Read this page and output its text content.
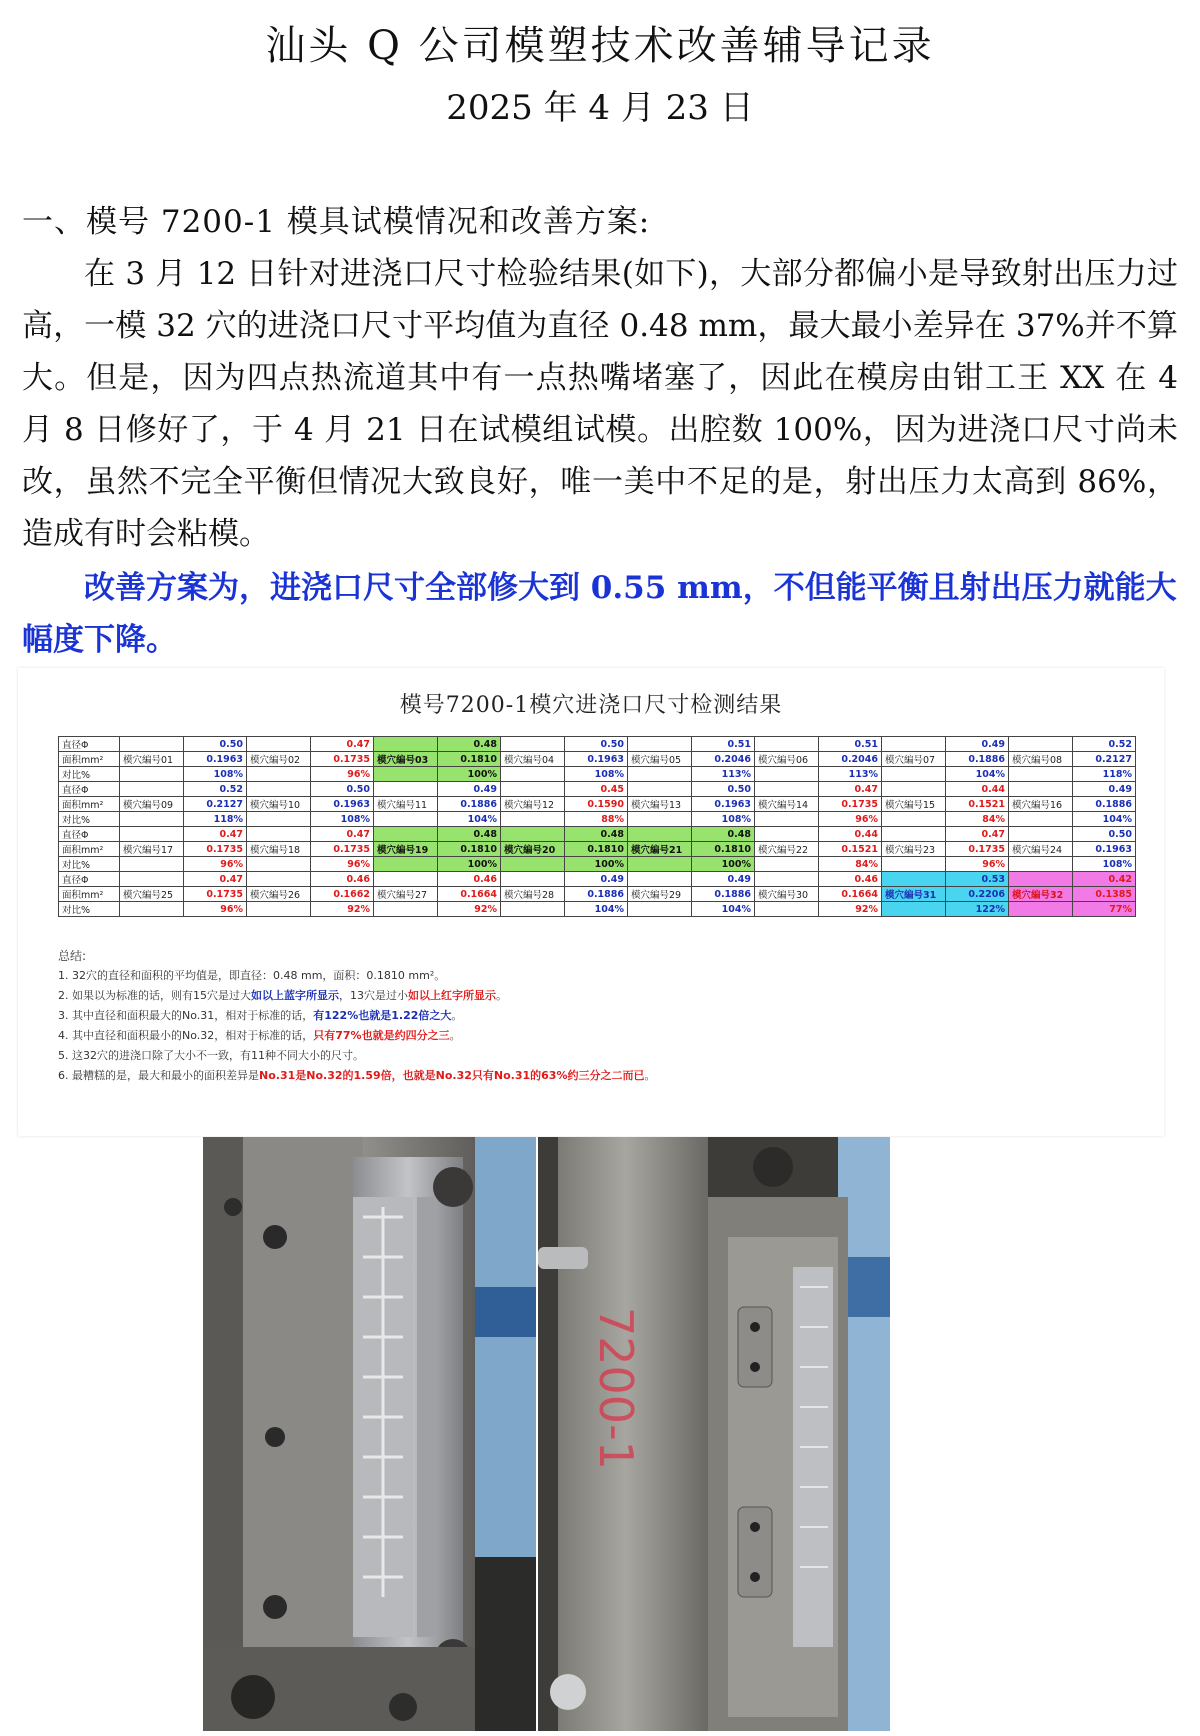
汕头 Q 公司模塑技术改善辅导记录
2025 年 4 月 23 日
一、模号 7200-1 模具试模情况和改善方案:
在 3 月 12 日针对进浇口尺寸检验结果(如下)，大部分都偏小是导致射出压力过高，一模 32 穴的进浇口尺寸平均值为直径 0.48 mm，最大最小差异在 37%并不算大。但是，因为四点热流道其中有一点热嘴堵塞了，因此在模房由钳工王 XX 在 4 月 8 日修好了，于 4 月 21 日在试模组试模。出腔数 100%，因为进浇口尺寸尚未改，虽然不完全平衡但情况大致良好，唯一美中不足的是，射出压力太高到 86%，造成有时会粘模。
改善方案为，进浇口尺寸全部修大到 0.55 mm，不但能平衡且射出压力就能大幅度下降。
模号7200-1模穴进浇口尺寸检测结果
直径Φ		0.50		0.47		0.48		0.50		0.51		0.51		0.49		0.52
面积mm²	模穴編号01	0.1963	模穴編号02	0.1735	模穴編号03	0.1810	模穴編号04	0.1963	模穴編号05	0.2046	模穴編号06	0.2046	模穴編号07	0.1886	模穴編号08	0.2127
对比%		108%		96%		100%		108%		113%		113%		104%		118%
直径Φ		0.52		0.50		0.49		0.45		0.50		0.47		0.44		0.49
面积mm²	模穴編号09	0.2127	模穴編号10	0.1963	模穴編号11	0.1886	模穴編号12	0.1590	模穴編号13	0.1963	模穴編号14	0.1735	模穴編号15	0.1521	模穴編号16	0.1886
对比%		118%		108%		104%		88%		108%		96%		84%		104%
直径Φ		0.47		0.47		0.48		0.48		0.48		0.44		0.47		0.50
面积mm²	模穴編号17	0.1735	模穴編号18	0.1735	模穴編号19	0.1810	模穴編号20	0.1810	模穴編号21	0.1810	模穴編号22	0.1521	模穴編号23	0.1735	模穴編号24	0.1963
对比%		96%		96%		100%		100%		100%		84%		96%		108%
直径Φ		0.47		0.46		0.46		0.49		0.49		0.46		0.53		0.42
面积mm²	模穴編号25	0.1735	模穴編号26	0.1662	模穴編号27	0.1664	模穴編号28	0.1886	模穴編号29	0.1886	模穴編号30	0.1664	模穴編号31	0.2206	模穴編号32	0.1385
对比%		96%		92%		92%		104%		104%		92%		122%		77%
总结:
1. 32穴的直径和面积的平均值是，即直径：0.48 mm，面积：0.1810 mm²。
2. 如果以为标准的话，则有15穴是过大如以上蓝字所显示，13穴是过小如以上红字所显示。
3. 其中直径和面积最大的No.31，相对于标准的话，有122%也就是1.22倍之大。
4. 其中直径和面积最小的No.32，相对于标准的话，只有77%也就是约四分之三。
5. 这32穴的进浇口除了大小不一致，有11种不同大小的尺寸。
6. 最糟糕的是，最大和最小的面积差异是No.31是No.32的1.59倍，也就是No.32只有No.31的63%约三分之二而已。
7200-1
